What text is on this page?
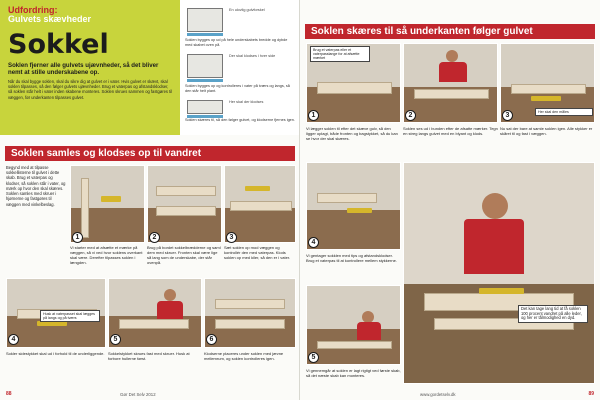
Udfordring:
Gulvets skævheder
Sokkel
Soklen fjerner alle gulvets ujævnheder, så det bliver nemt at stille underskabene op.
Når du skal bygge soklen, skal du sikre dig at gulvet er i vater. Hvis gulvet er skævt, skal soklen tilpasses, så den følger gulvets ujævnheder. Brug et vaterpas og afstandsklodser, så soklen står helt i vater inden skabene monteres. Soklen skrues sammen og fastgøres til væggen, før underkanten tilpasses gulvet.
En ulovlig gulvforskel
Soklen bygges op ud på hele underskabets bredde og dybde med skabet oven på.
Der skal klodses i hver side
Soklen bygges op og kontrolleres i vater på tværs og langs, så den står helt plant.
Her skal der klodses
Soklen skæres til, så den følger gulvet, og klodserne fjernes igen.
Soklen samles og klodses op til vandret
Begynd med at tilpasse sokkellisterne til gulvet i dette skab. Brug et vaterpas og klodser, så soklen står i vater, og mærk op hvor den skal skæres. Soklen samles med skruer i hjørnerne og fastgøres til væggen med vinkelbeslag.
1	2	3
Vi starter med at afsætte et mærke på væggen, så vi ved hvor soklens overkant skal være. Derefter tilpasses soklen i længden.
Brug på bordet sokkelbrædderne og saml dem med skruer. Fronten skal være lige så lang som de underskabe, der står ovenpå.
Sæt soklen op mod væggen og kontrollér den med vaterpas. Klods soklen op med kiler, så den er i vater.
Husk at vaterpasset skal lægges på langs og på tværs
4	5	6
Sokler sidestykket skal ud i forhold til de underliggende. Sokkelstykket skrues fast med skruer. Husk at forbore hullerne først.
Klodserne placeres under soklen med jævne mellemrum, og soklen kontrolleres igen.
88	Gør Det Selv 2012
Soklen skæres til så underkanten følger gulvet
Brug et vaterpas eller et vaterpasslange for at afsætte mærket
1	2	Her skal den måles
3
Vi lægger soklen til efter det skæve gulv, så den ligger oplagt, både fronten og bagstykket, så du kan se hvor der skal skæres.
Soklen ses ud i bunden efter de afsatte mærker. Tegn en streg langs gulvet med en blyant og klods.
Nu sat der bare at samle soklen igen. Alle stykker er skåret til og fast i væggen.
4
Vi gentager sokklen med tips og afstandsklodser. Brug et vaterpas til at kontrollere mellem stykkerne.
5
Vi gennemgår at soklen er lagt rigtigt ved første skab, så det næste skab kan monteres.
Det kan tage lang tid at få soklen 100 procent vandret på alle leder, og her er tålmodighed en dyd.
www.gordetselv.dk	89
